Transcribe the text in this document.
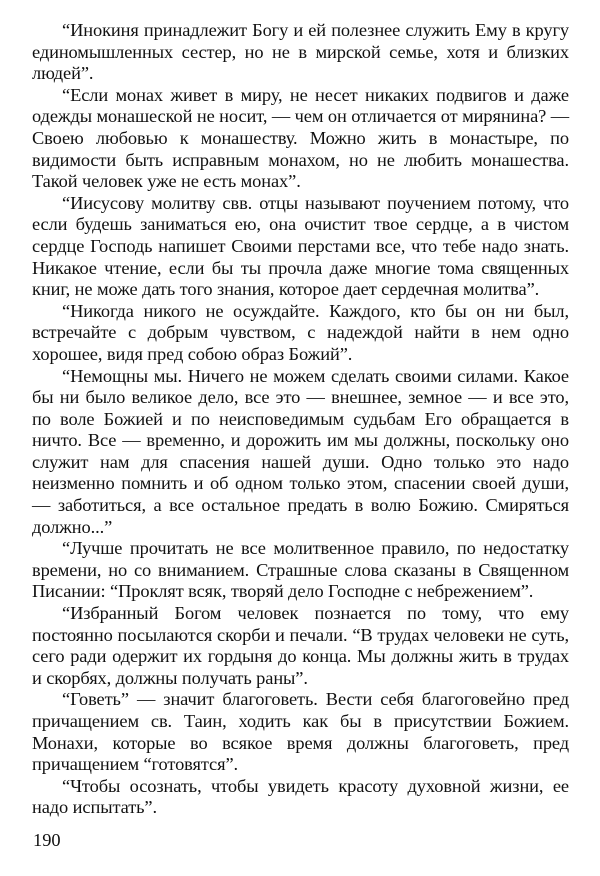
“Инокиня принадлежит Богу и ей полезнее служить Ему в кругу единомышленных сестер, но не в мирской семье, хотя и близких людей”.

“Если монах живет в миру, не несет никаких подвигов и даже одежды монашеской не носит, — чем он отличается от мирянина? — Своею любовью к монашеству. Можно жить в монастыре, по видимости быть исправным монахом, но не любить монашества. Такой человек уже не есть монах”.

“Иисусову молитву свв. отцы называют поучением потому, что если будешь заниматься ею, она очистит твое сердце, а в чистом сердце Господь напишет Своими перстами все, что тебе надо знать. Никакое чтение, если бы ты прочла даже многие тома священных книг, не може дать того знания, которое дает сердечная молитва”.

“Никогда никого не осуждайте. Каждого, кто бы он ни был, встречайте с добрым чувством, с надеждой найти в нем одно хорошее, видя пред собою образ Божий”.

“Немощны мы. Ничего не можем сделать своими силами. Какое бы ни было великое дело, все это — внешнее, земное — и все это, по воле Божией и по неисповедимым судьбам Его обращается в ничто. Все — временно, и дорожить им мы должны, поскольку оно служит нам для спасения нашей души. Одно только это надо неизменно помнить и об одном только этом, спасении своей души, — заботиться, а все остальное предать в волю Божию. Смиряться должно...”

“Лучше прочитать не все молитвенное правило, по недостатку времени, но со вниманием. Страшные слова сказаны в Священном Писании: “Проклят всяк, творяй дело Господне с небрежением”.

“Избранный Богом человек познается по тому, что ему постоянно посылаются скорби и печали. “В трудах человеки не суть, сего ради одержит их гордыня до конца. Мы должны жить в трудах и скорбях, должны получать раны”.

“Говеть” — значит благоговеть. Вести себя благоговейно пред причащением св. Таин, ходить как бы в присутствии Божием. Монахи, которые во всякое время должны благоговеть, пред причащением “готовятся”.

“Чтобы осознать, чтобы увидеть красоту духовной жизни, ее надо испытать”.

190
